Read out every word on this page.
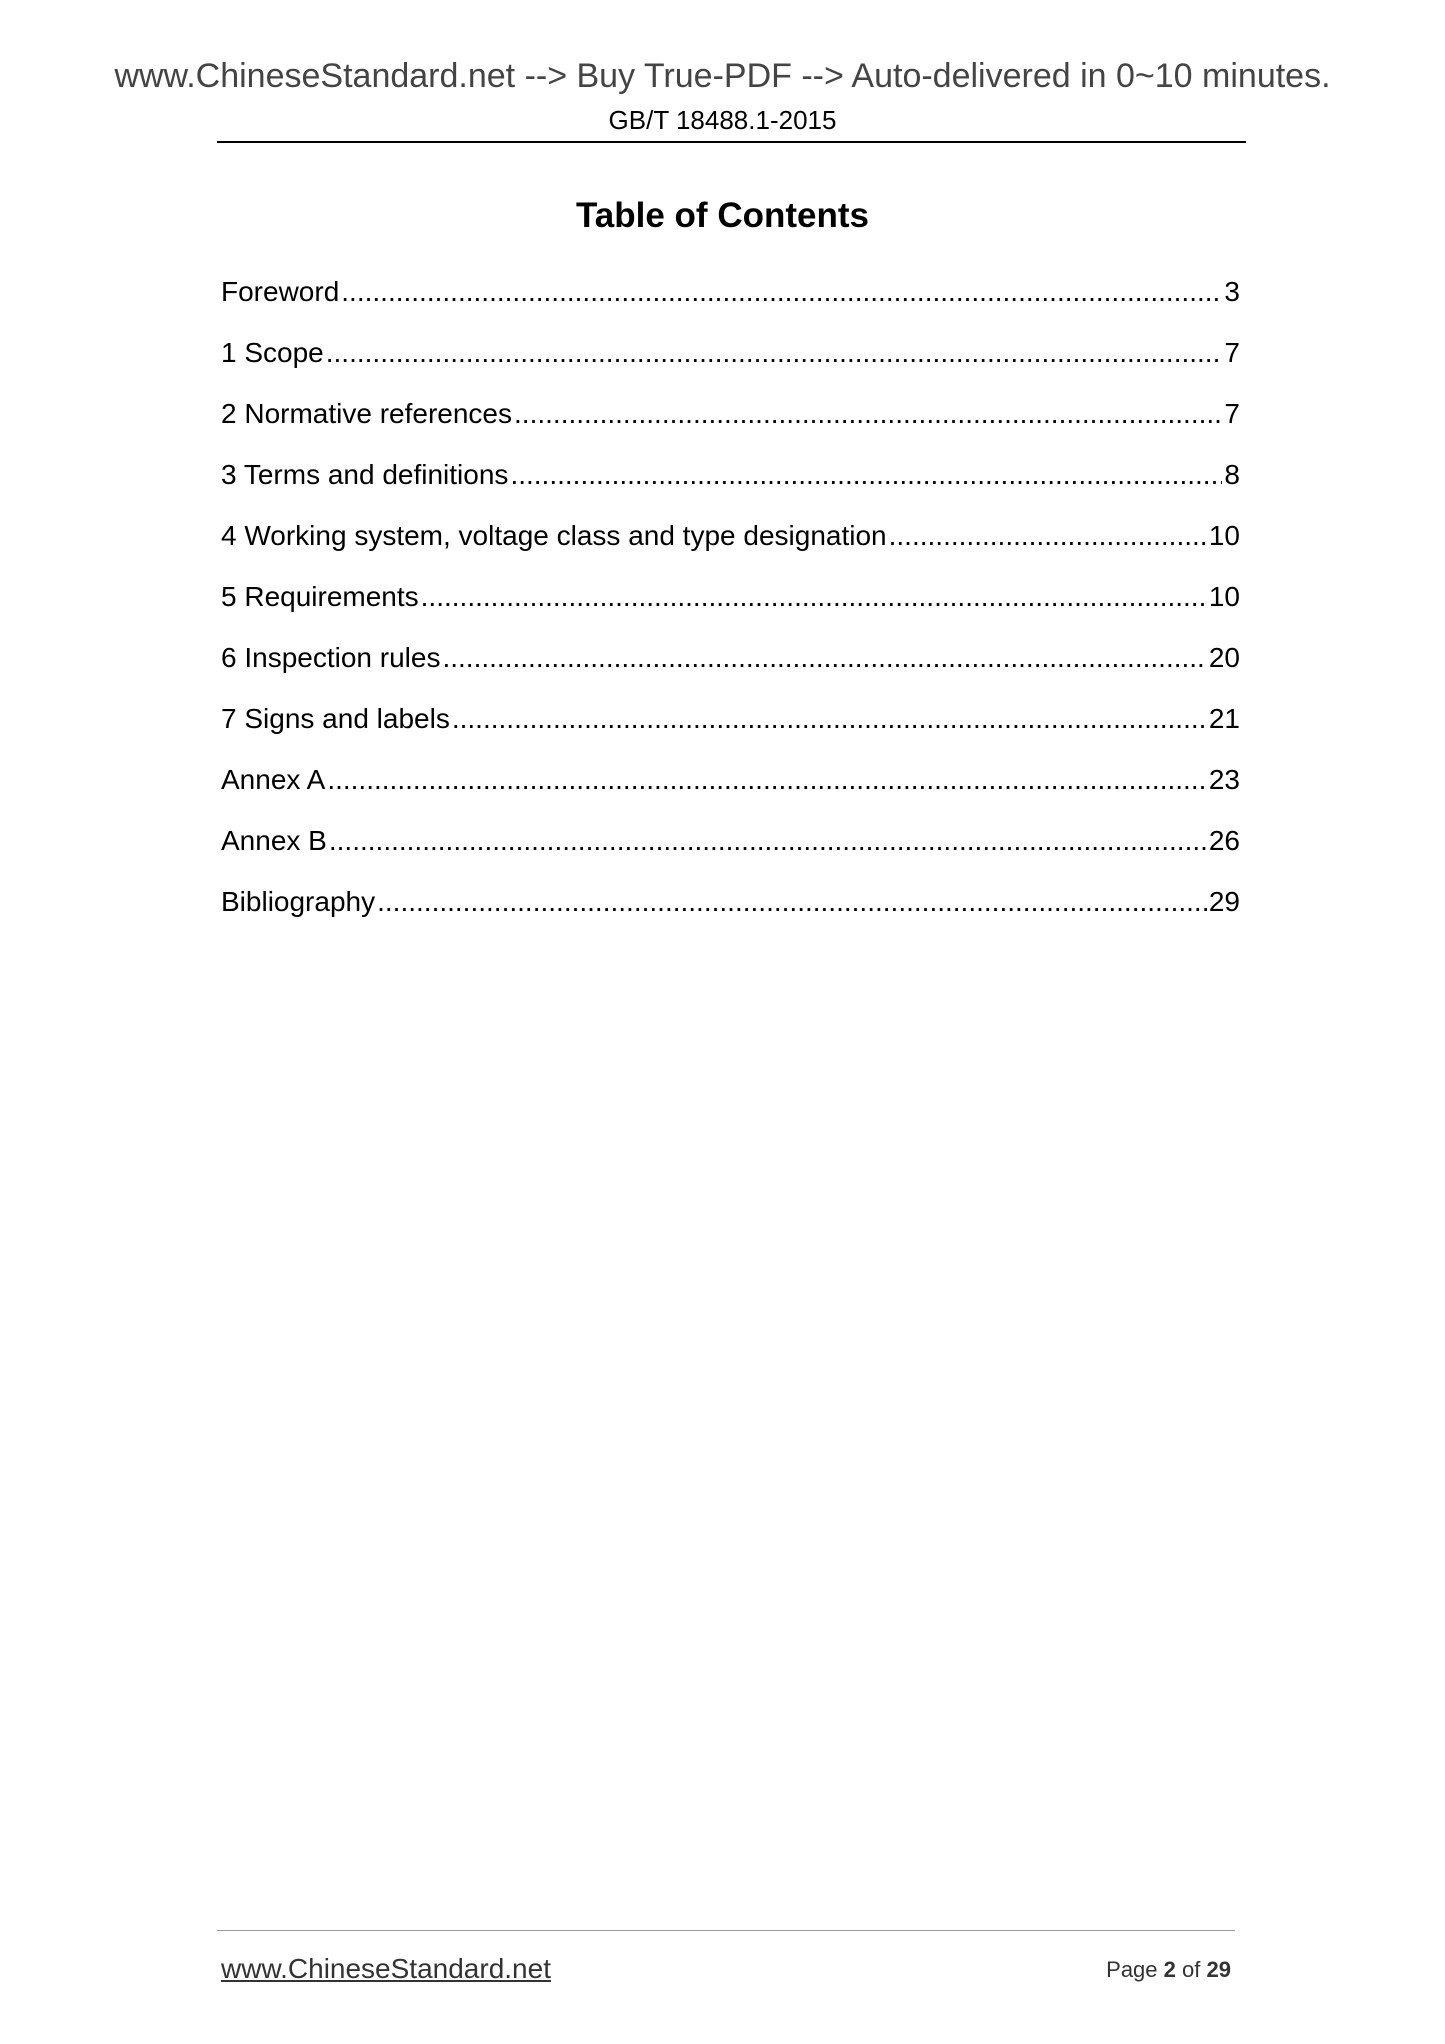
www.ChineseStandard.net --> Buy True-PDF --> Auto-delivered in 0~10 minutes.
GB/T 18488.1-2015
Table of Contents
Foreword .....	3
1 Scope .....	7
2 Normative references .....	7
3 Terms and definitions .....	8
4 Working system, voltage class and type designation .....	10
5 Requirements .....	10
6 Inspection rules .....	20
7 Signs and labels .....	21
Annex A .....	23
Annex B .....	26
Bibliography .....	29
www.ChineseStandard.net	Page 2 of 29
